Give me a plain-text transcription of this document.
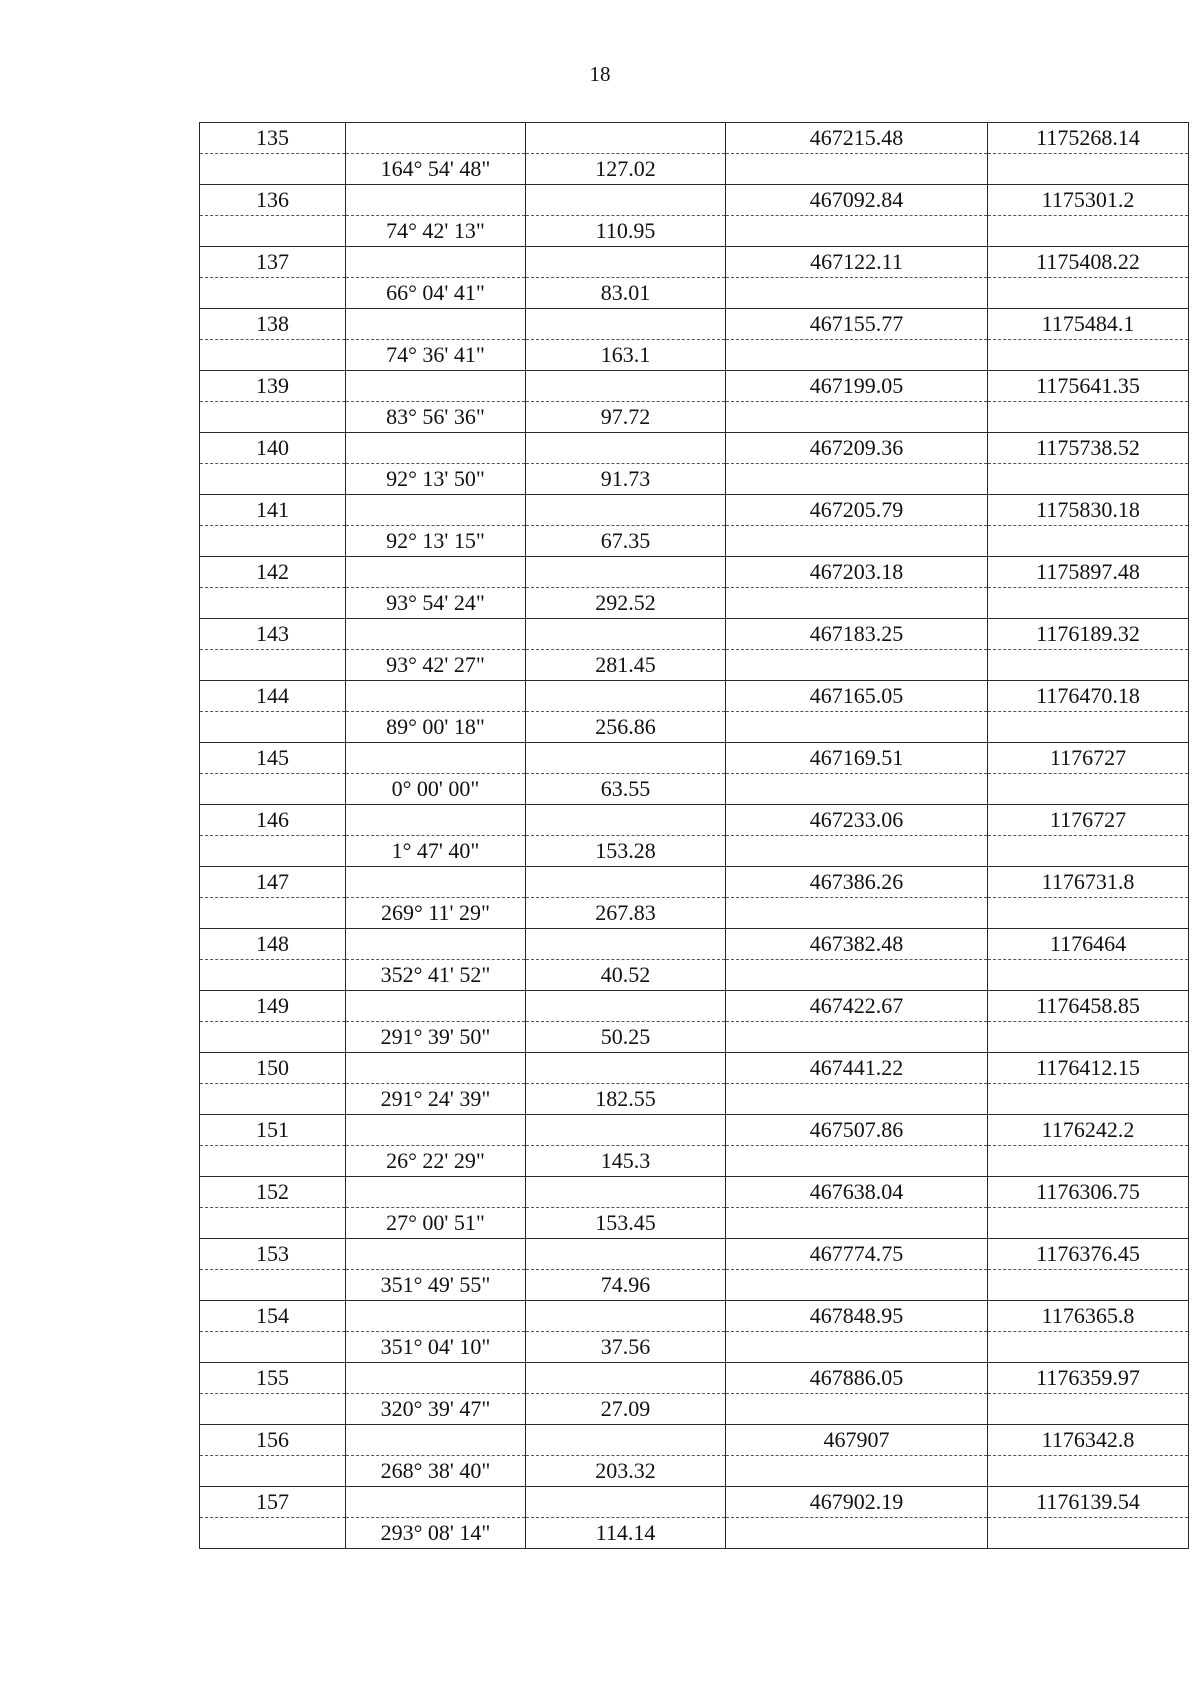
18
135			467215.48	1175268.14
	164° 54' 48"	127.02		
136			467092.84	1175301.2
	74° 42' 13"	110.95		
137			467122.11	1175408.22
	66° 04' 41"	83.01		
138			467155.77	1175484.1
	74° 36' 41"	163.1		
139			467199.05	1175641.35
	83° 56' 36"	97.72		
140			467209.36	1175738.52
	92° 13' 50"	91.73		
141			467205.79	1175830.18
	92° 13' 15"	67.35		
142			467203.18	1175897.48
	93° 54' 24"	292.52		
143			467183.25	1176189.32
	93° 42' 27"	281.45		
144			467165.05	1176470.18
	89° 00' 18"	256.86		
145			467169.51	1176727
	0° 00' 00"	63.55		
146			467233.06	1176727
	1° 47' 40"	153.28		
147			467386.26	1176731.8
	269° 11' 29"	267.83		
148			467382.48	1176464
	352° 41' 52"	40.52		
149			467422.67	1176458.85
	291° 39' 50"	50.25		
150			467441.22	1176412.15
	291° 24' 39"	182.55		
151			467507.86	1176242.2
	26° 22' 29"	145.3		
152			467638.04	1176306.75
	27° 00' 51"	153.45		
153			467774.75	1176376.45
	351° 49' 55"	74.96		
154			467848.95	1176365.8
	351° 04' 10"	37.56		
155			467886.05	1176359.97
	320° 39' 47"	27.09		
156			467907	1176342.8
	268° 38' 40"	203.32		
157			467902.19	1176139.54
	293° 08' 14"	114.14		
